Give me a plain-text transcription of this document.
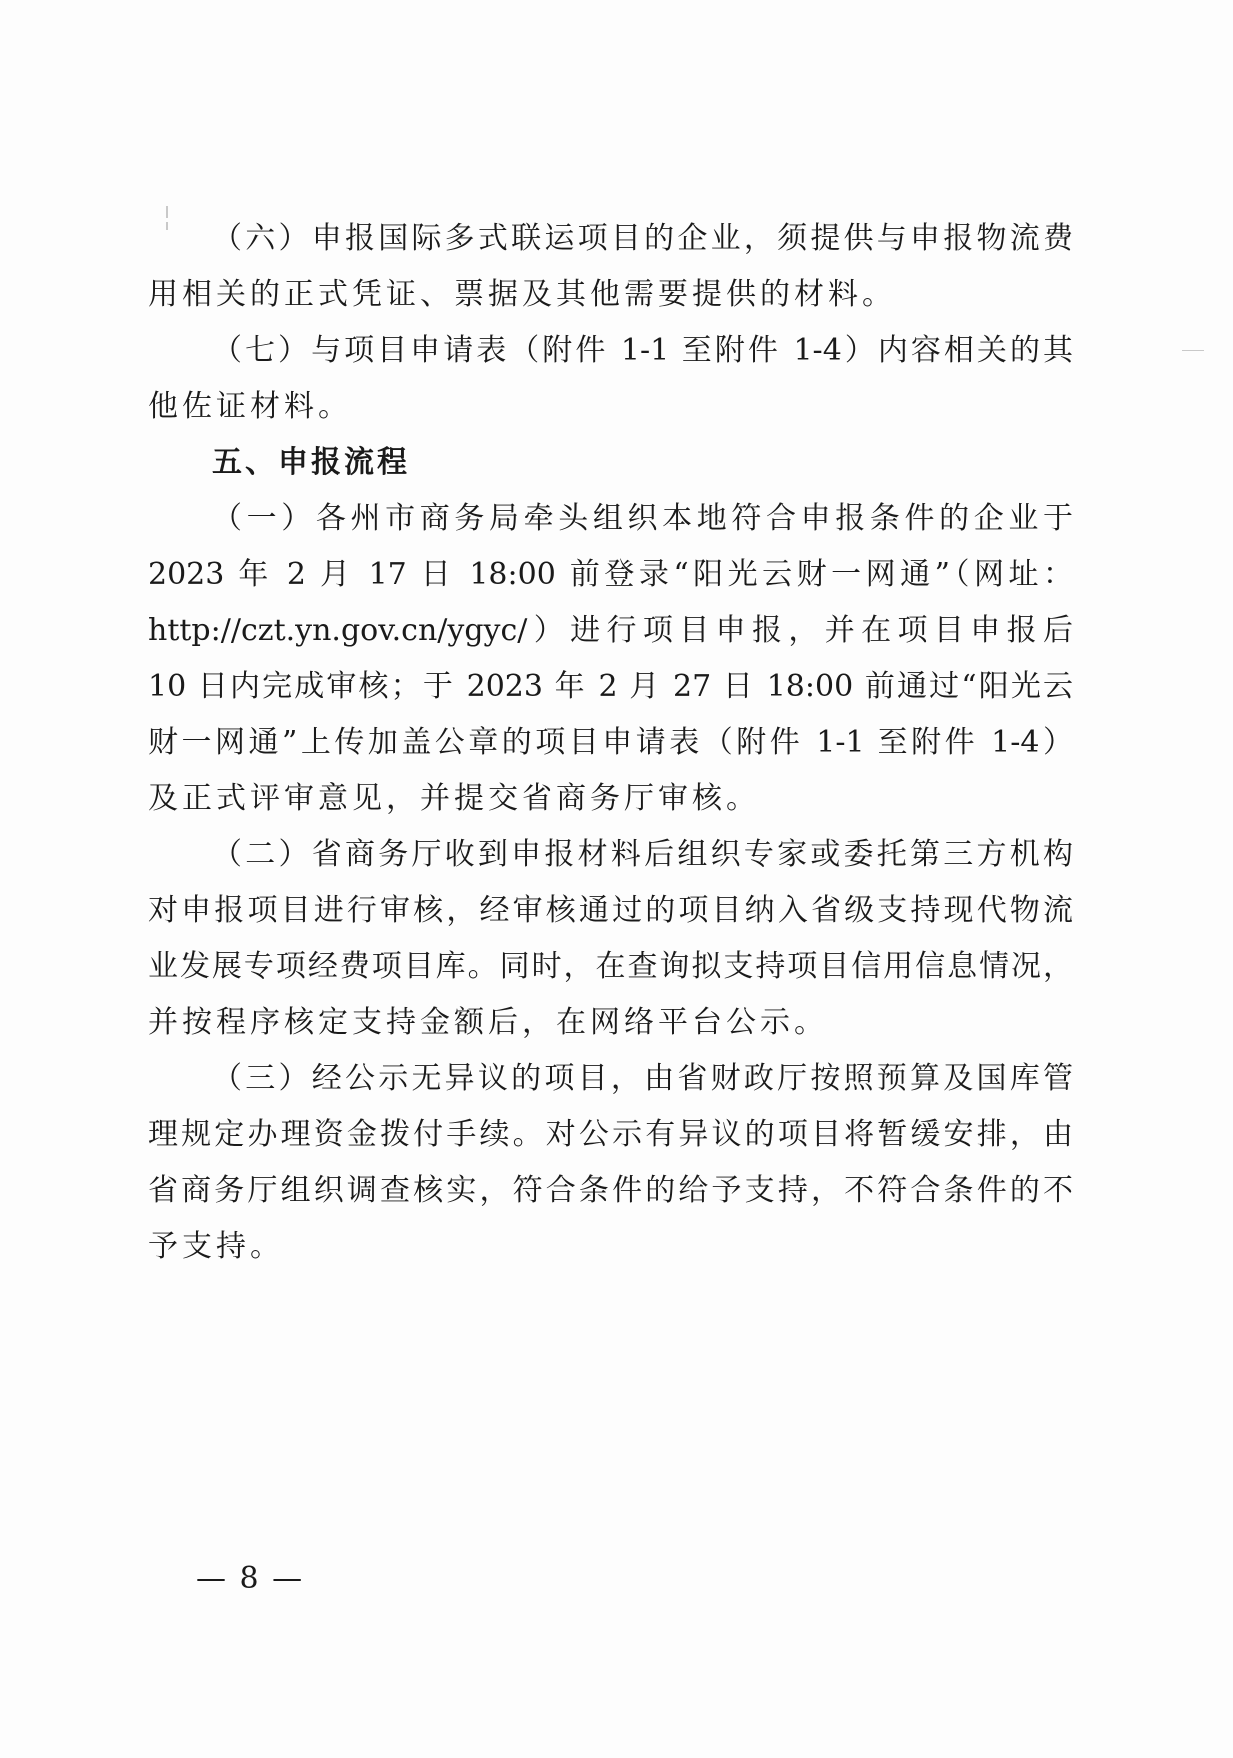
（六）申报国际多式联运项目的企业，须提供与申报物流费
用相关的正式凭证、票据及其他需要提供的材料。
（七）与项目申请表（附件 1-1 至附件 1-4）内容相关的其
他佐证材料。
五、申报流程
（一）各州市商务局牵头组织本地符合申报条件的企业于
2023 年 2 月 17 日 18:00 前登录“阳光云财一网通”（网址：
http://czt.yn.gov.cn/ygyc/）进行项目申报，并在项目申报后
10 日内完成审核；于 2023 年 2 月 27 日 18:00 前通过“阳光云
财一网通”上传加盖公章的项目申请表（附件 1-1 至附件 1-4）
及正式评审意见，并提交省商务厅审核。
（二）省商务厅收到申报材料后组织专家或委托第三方机构
对申报项目进行审核，经审核通过的项目纳入省级支持现代物流
业发展专项经费项目库。同时，在查询拟支持项目信用信息情况，
并按程序核定支持金额后，在网络平台公示。
（三）经公示无异议的项目，由省财政厅按照预算及国库管
理规定办理资金拨付手续。对公示有异议的项目将暂缓安排，由
省商务厅组织调查核实，符合条件的给予支持，不符合条件的不
予支持。
— 8 —
